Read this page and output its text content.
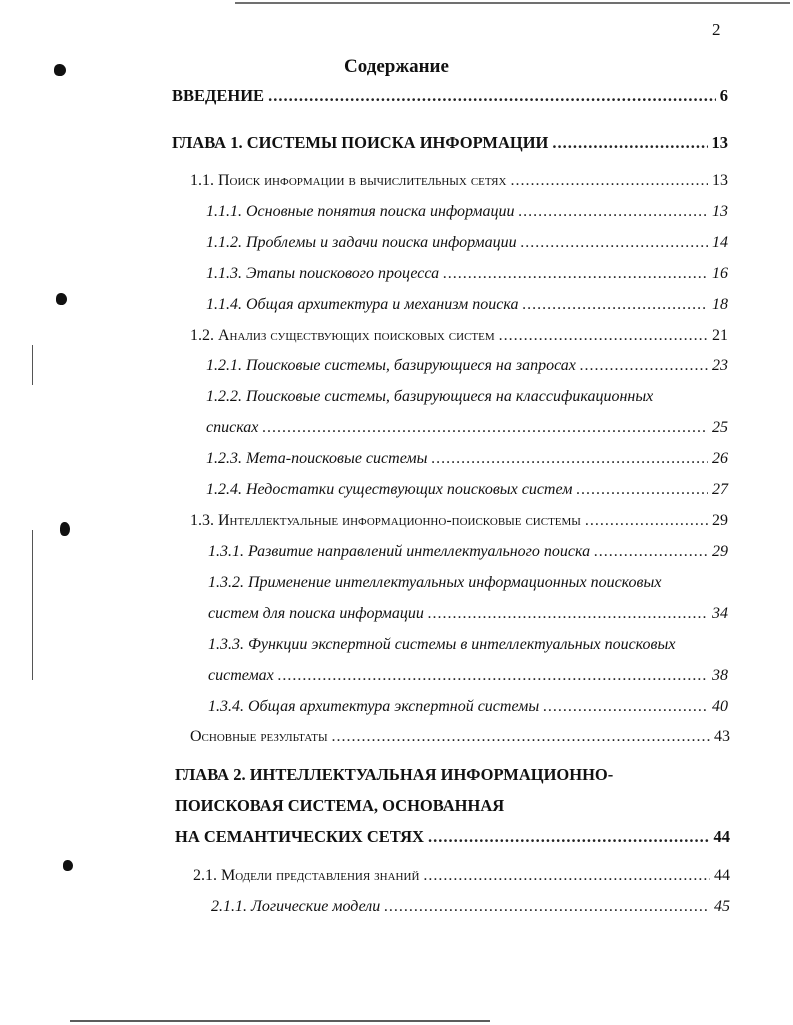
2
Содержание
ВВЕДЕНИЕ .....	6
ГЛАВА 1. СИСТЕМЫ ПОИСКА ИНФОРМАЦИИ .....	13
1.1. Поиск информации в вычислительных сетях .....	13
1.1.1. Основные понятия поиска информации .....	13
1.1.2. Проблемы и задачи поиска информации .....	14
1.1.3. Этапы поискового процесса .....	16
1.1.4. Общая архитектура и механизм поиска .....	18
1.2. Анализ существующих поисковых систем .....	21
1.2.1. Поисковые системы, базирующиеся на запросах .....	23
1.2.2. Поисковые системы, базирующиеся на классификационных
списках .....	25
1.2.3. Мета-поисковые системы .....	26
1.2.4. Недостатки существующих поисковых систем .....	27
1.3. Интеллектуальные информационно-поисковые системы .....	29
1.3.1. Развитие направлений интеллектуального поиска .....	29
1.3.2. Применение интеллектуальных информационных поисковых
систем для поиска информации .....	34
1.3.3. Функции экспертной системы в интеллектуальных поисковых
системах .....	38
1.3.4. Общая архитектура экспертной системы .....	40
Основные результаты .....	43
ГЛАВА 2. ИНТЕЛЛЕКТУАЛЬНАЯ ИНФОРМАЦИОННО-
ПОИСКОВАЯ СИСТЕМА, ОСНОВАННАЯ
НА СЕМАНТИЧЕСКИХ СЕТЯХ .....	44
2.1. Модели представления знаний .....	44
2.1.1. Логические модели .....	45
